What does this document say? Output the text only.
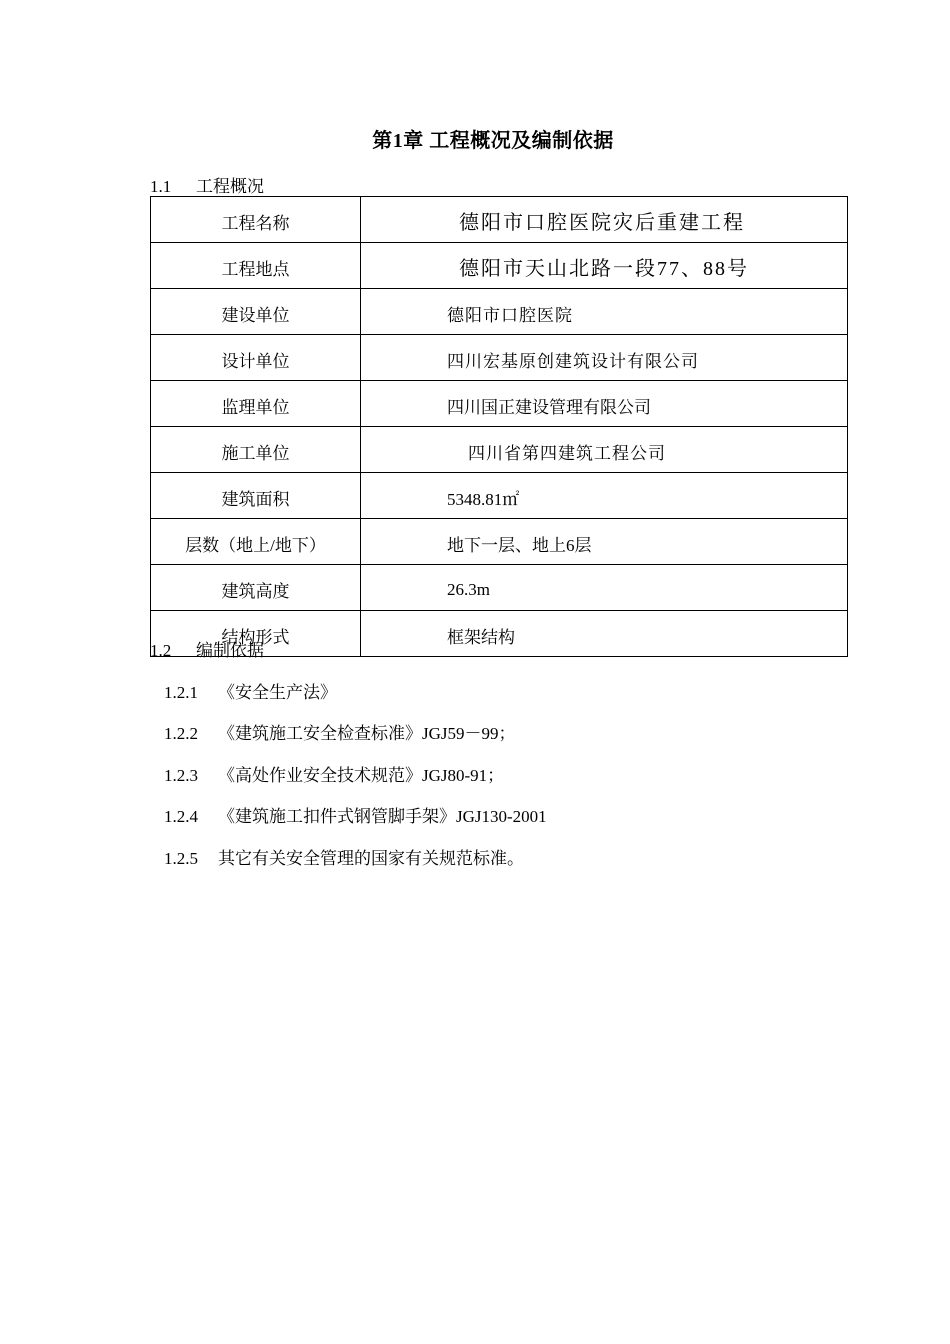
第1章 工程概况及编制依据
1.1 工程概况
工程名称	德阳市口腔医院灾后重建工程
工程地点	德阳市天山北路一段77、88号
建设单位	德阳市口腔医院
设计单位	四川宏基原创建筑设计有限公司
监理单位	四川国正建设管理有限公司
施工单位	四川省第四建筑工程公司
建筑面积	5348.81㎡
层数（地上/地下）	地下一层、地上6层
建筑高度	26.3m
结构形式	框架结构
1.2 编制依据
1.2.1 《安全生产法》
1.2.2 《建筑施工安全检查标准》JGJ59－99；
1.2.3 《高处作业安全技术规范》JGJ80-91；
1.2.4 《建筑施工扣件式钢管脚手架》JGJ130-2001
1.2.5 其它有关安全管理的国家有关规范标准。
